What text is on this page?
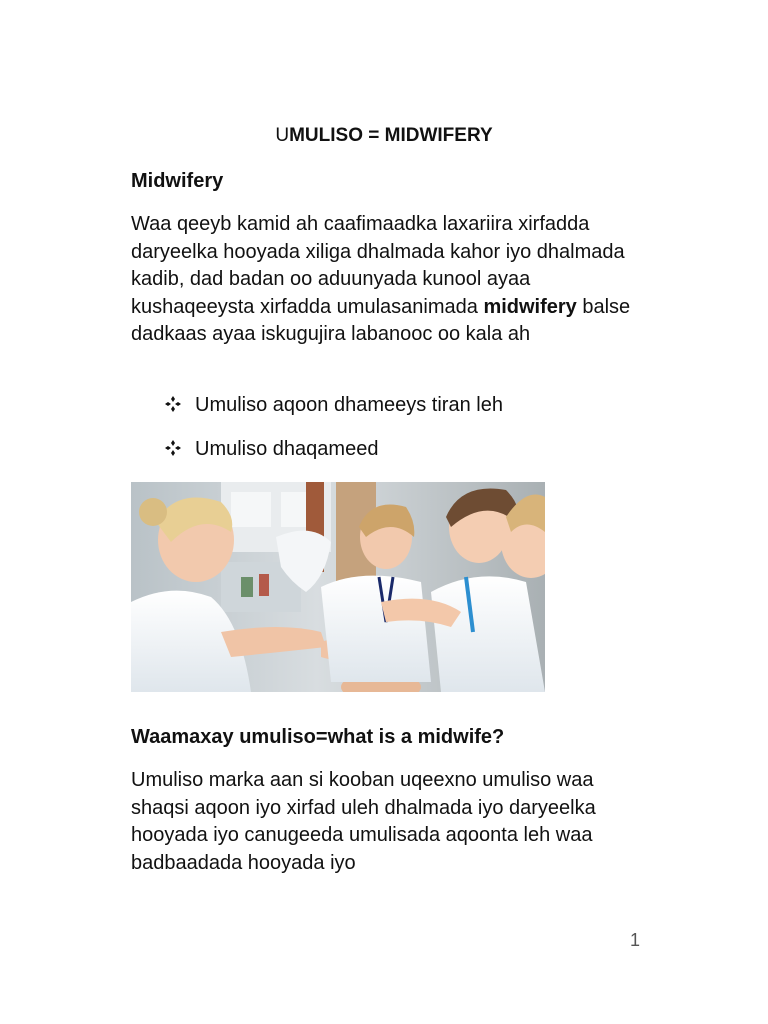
UMULISO = MIDWIFERY
Midwifery
Waa qeeyb kamid ah caafimaadka laxariira xirfadda daryeelka hooyada xiliga dhalmada kahor iyo dhalmada kadib, dad badan oo aduunyada kunool ayaa kushaqeeysta xirfadda umulasanimada midwifery balse dadkaas ayaa iskugujira labanooc oo kala ah
Umuliso aqoon dhameeys tiran leh
Umuliso dhaqameed
Waamaxay umuliso=what is a midwife?
Umuliso marka aan si kooban uqeexno umuliso waa shaqsi aqoon iyo xirfad uleh dhalmada iyo daryeelka hooyada iyo canugeeda umulisada aqoonta leh waa badbaadada hooyada iyo
1
